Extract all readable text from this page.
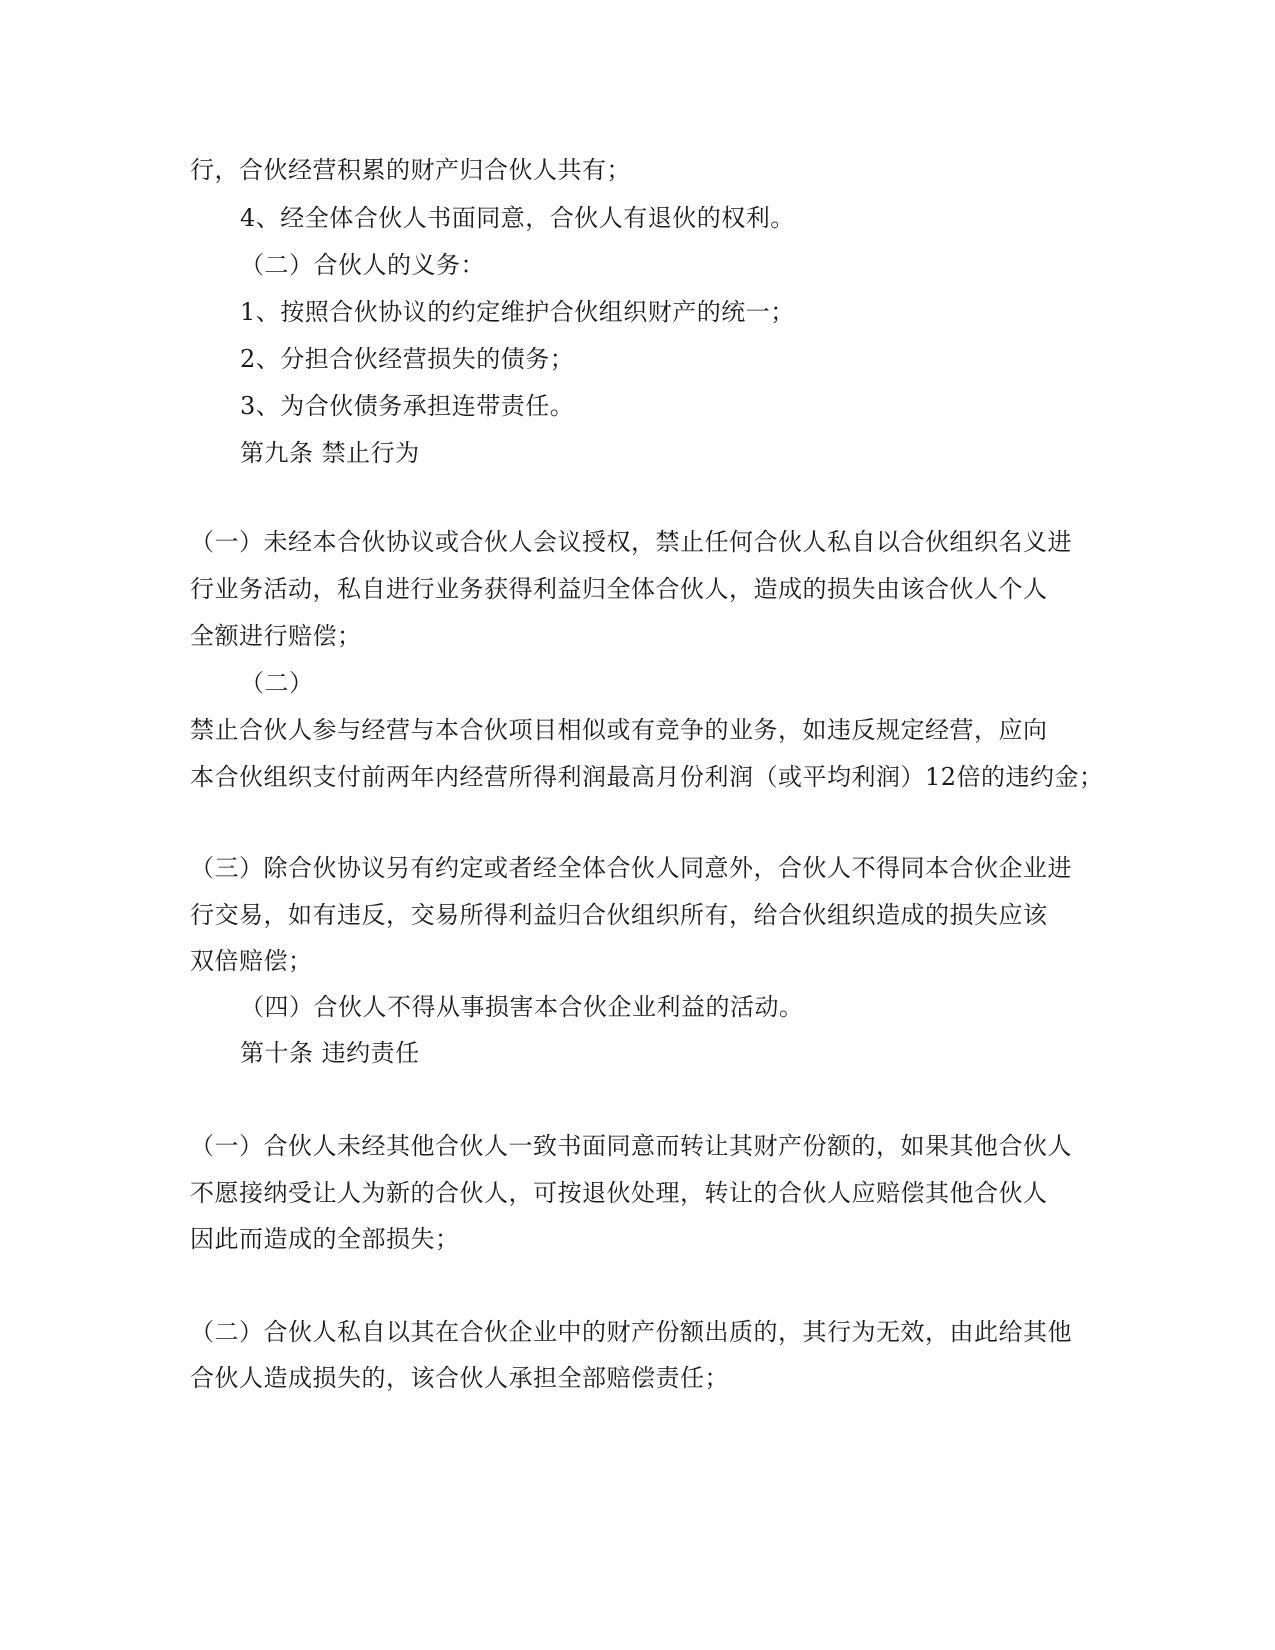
行，合伙经营积累的财产归合伙人共有；
4、经全体合伙人书面同意，合伙人有退伙的权利。
（二）合伙人的义务：
1、按照合伙协议的约定维护合伙组织财产的统一；
2、分担合伙经营损失的债务；
3、为合伙债务承担连带责任。
第九条 禁止行为
（一）未经本合伙协议或合伙人会议授权，禁止任何合伙人私自以合伙组织名义进
行业务活动，私自进行业务获得利益归全体合伙人，造成的损失由该合伙人个人
全额进行赔偿；
（二）
禁止合伙人参与经营与本合伙项目相似或有竞争的业务，如违反规定经营，应向
本合伙组织支付前两年内经营所得利润最高月份利润（或平均利润）12倍的违约金；
（三）除合伙协议另有约定或者经全体合伙人同意外，合伙人不得同本合伙企业进
行交易，如有违反，交易所得利益归合伙组织所有，给合伙组织造成的损失应该
双倍赔偿；
（四）合伙人不得从事损害本合伙企业利益的活动。
第十条 违约责任
（一）合伙人未经其他合伙人一致书面同意而转让其财产份额的，如果其他合伙人
不愿接纳受让人为新的合伙人，可按退伙处理，转让的合伙人应赔偿其他合伙人
因此而造成的全部损失；
（二）合伙人私自以其在合伙企业中的财产份额出质的，其行为无效，由此给其他
合伙人造成损失的，该合伙人承担全部赔偿责任；
